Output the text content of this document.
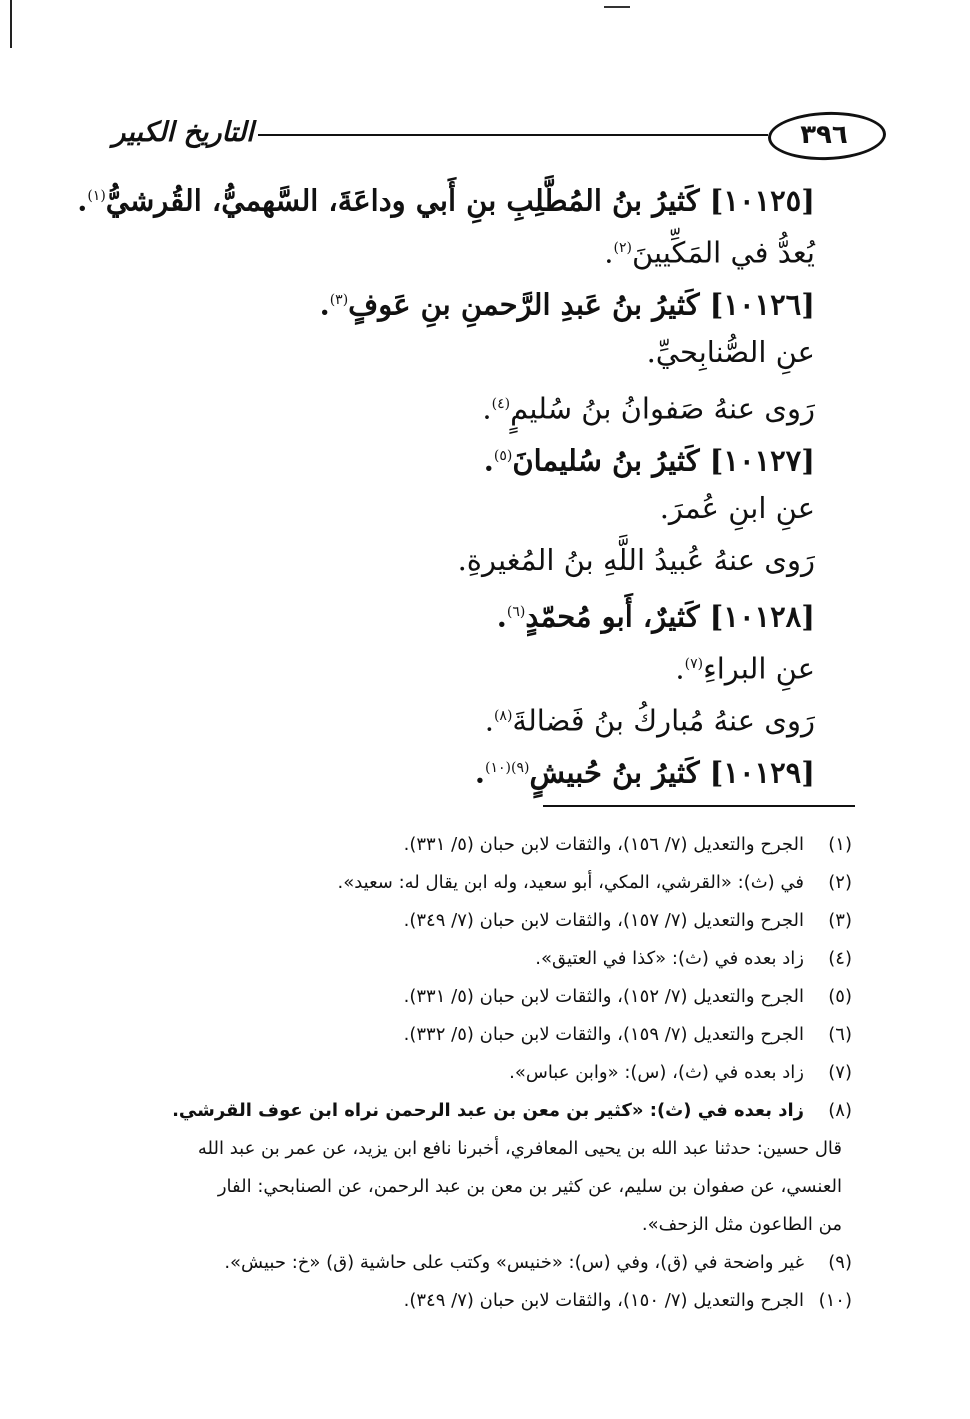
٣٩٦
التاريخ الكبير
[١٠١٢٥] كَثيرُ بنُ المُطَّلِبِ بنِ أَبي وداعَةَ، السَّهميُّ، القُرشيُّ$^{(١)}$.
يُعدُّ في المَكِّيينَ$^{(٢)}$.
[١٠١٢٦] كَثيرُ بنُ عَبدِ الرَّحمنِ بنِ عَوفٍ$^{(٣)}$.
عنِ الصُّنابِحيِّ.
رَوى عنهُ صَفوانُ بنُ سُليمٍ$^{(٤)}$.
[١٠١٢٧] كَثيرُ بنُ سُليمانَ$^{(٥)}$.
عنِ ابنِ عُمرَ.
رَوى عنهُ عُبيدُ اللَّهِ بنُ المُغيرةِ.
[١٠١٢٨] كَثيرٌ، أَبو مُحمّدٍ$^{(٦)}$.
عنِ البراءِ$^{(٧)}$.
رَوى عنهُ مُباركُ بنُ فَضالةَ$^{(٨)}$.
[١٠١٢٩] كَثيرُ بنُ حُبيشٍ$^{(٩)(١٠)}$.
(١)
الجرح والتعديل (٧/ ١٥٦)، والثقات لابن حبان (٥/ ٣٣١).
(٢)
في (ث): «القرشي، المكي، أبو سعيد، وله ابن يقال له: سعيد».
(٣)
الجرح والتعديل (٧/ ١٥٧)، والثقات لابن حبان (٧/ ٣٤٩).
(٤)
زاد بعده في (ث): «كذا في العتيق».
(٥)
الجرح والتعديل (٧/ ١٥٢)، والثقات لابن حبان (٥/ ٣٣١).
(٦)
الجرح والتعديل (٧/ ١٥٩)، والثقات لابن حبان (٥/ ٣٣٢).
(٧)
زاد بعده في (ث)، (س): «وابن عباس».
(٨)
زاد بعده في (ث): «كثير بن معن بن عبد الرحمن نراه ابن عوف القرشي.
قال حسين: حدثنا عبد الله بن يحيى المعافري، أخبرنا نافع ابن يزيد، عن عمر بن عبد الله
العنسي، عن صفوان بن سليم، عن كثير بن معن بن عبد الرحمن، عن الصنابحي: الفار
من الطاعون مثل الزحف».
(٩)
غير واضحة في (ق)، وفي (س): «خنيس» وكتب على حاشية (ق) «خ: حبيش».
(١٠)
الجرح والتعديل (٧/ ١٥٠)، والثقات لابن حبان (٧/ ٣٤٩).
